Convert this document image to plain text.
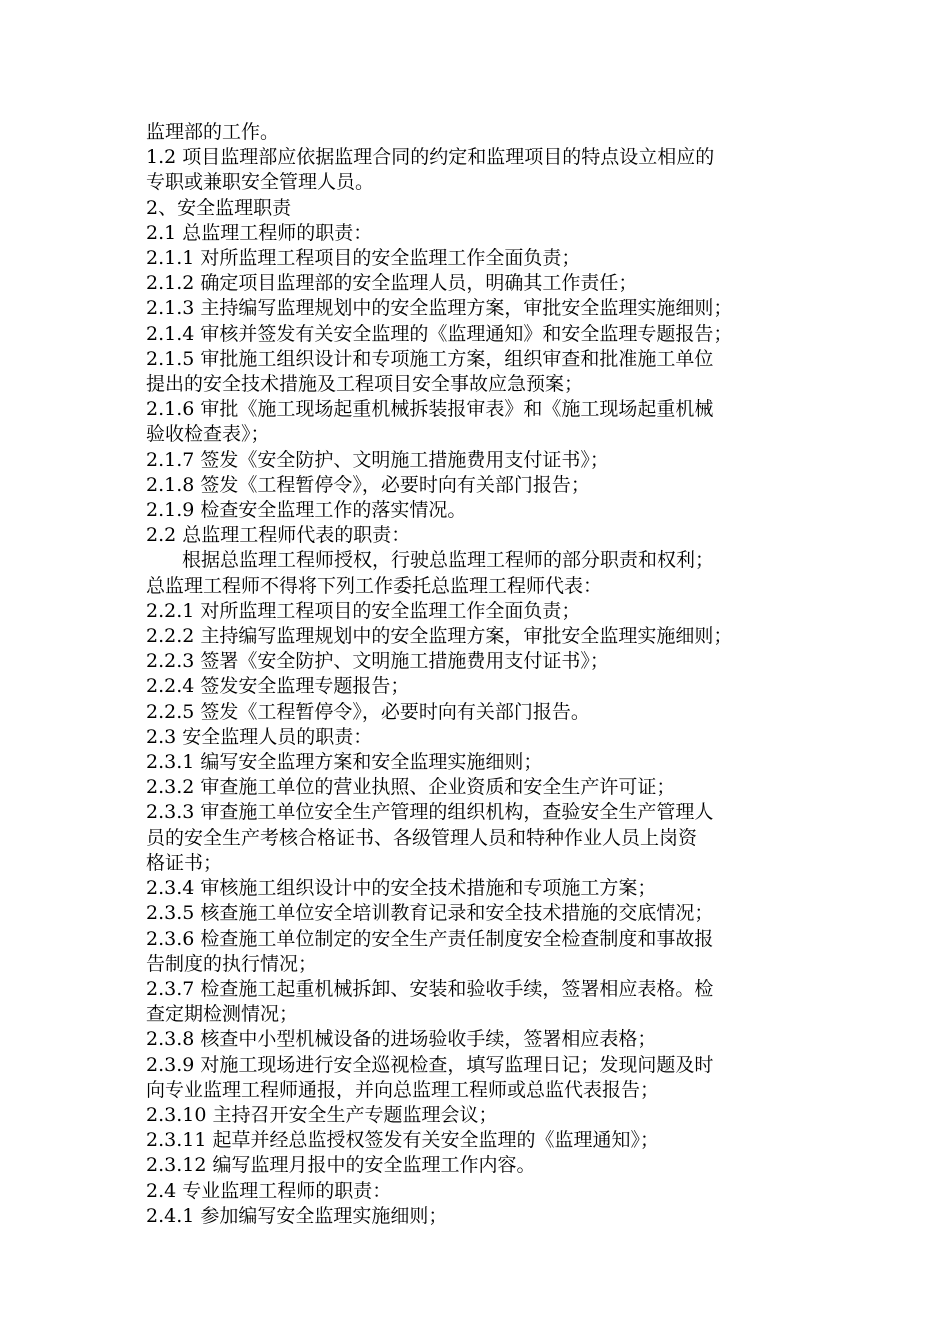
监理部的工作。

1.2 项目监理部应依据监理合同的约定和监理项目的特点设立相应的

专职或兼职安全管理人员。

2、安全监理职责

2.1 总监理工程师的职责：

2.1.1 对所监理工程项目的安全监理工作全面负责；

2.1.2 确定项目监理部的安全监理人员，明确其工作责任；

2.1.3 主持编写监理规划中的安全监理方案，审批安全监理实施细则；

2.1.4 审核并签发有关安全监理的《监理通知》和安全监理专题报告；

2.1.5 审批施工组织设计和专项施工方案，组织审查和批准施工单位

提出的安全技术措施及工程项目安全事故应急预案；

2.1.6 审批《施工现场起重机械拆装报审表》和《施工现场起重机械

验收检查表》；

2.1.7 签发《安全防护、文明施工措施费用支付证书》；

2.1.8 签发《工程暂停令》，必要时向有关部门报告；

2.1.9 检查安全监理工作的落实情况。

2.2 总监理工程师代表的职责：

根据总监理工程师授权，行驶总监理工程师的部分职责和权利；

总监理工程师不得将下列工作委托总监理工程师代表：

2.2.1 对所监理工程项目的安全监理工作全面负责；

2.2.2 主持编写监理规划中的安全监理方案，审批安全监理实施细则；

2.2.3 签署《安全防护、文明施工措施费用支付证书》；

2.2.4 签发安全监理专题报告；

2.2.5 签发《工程暂停令》，必要时向有关部门报告。

2.3 安全监理人员的职责：

2.3.1 编写安全监理方案和安全监理实施细则；

2.3.2 审查施工单位的营业执照、企业资质和安全生产许可证；

2.3.3 审查施工单位安全生产管理的组织机构，查验安全生产管理人

员的安全生产考核合格证书、各级管理人员和特种作业人员上岗资

格证书；

2.3.4 审核施工组织设计中的安全技术措施和专项施工方案；

2.3.5 核查施工单位安全培训教育记录和安全技术措施的交底情况；

2.3.6 检查施工单位制定的安全生产责任制度安全检查制度和事故报

告制度的执行情况；

2.3.7 检查施工起重机械拆卸、安装和验收手续，签署相应表格。检

查定期检测情况；

2.3.8 核查中小型机械设备的进场验收手续，签署相应表格；

2.3.9 对施工现场进行安全巡视检查，填写监理日记；发现问题及时

向专业监理工程师通报，并向总监理工程师或总监代表报告；

2.3.10 主持召开安全生产专题监理会议；

2.3.11 起草并经总监授权签发有关安全监理的《监理通知》；

2.3.12 编写监理月报中的安全监理工作内容。

2.4 专业监理工程师的职责：

2.4.1 参加编写安全监理实施细则；
